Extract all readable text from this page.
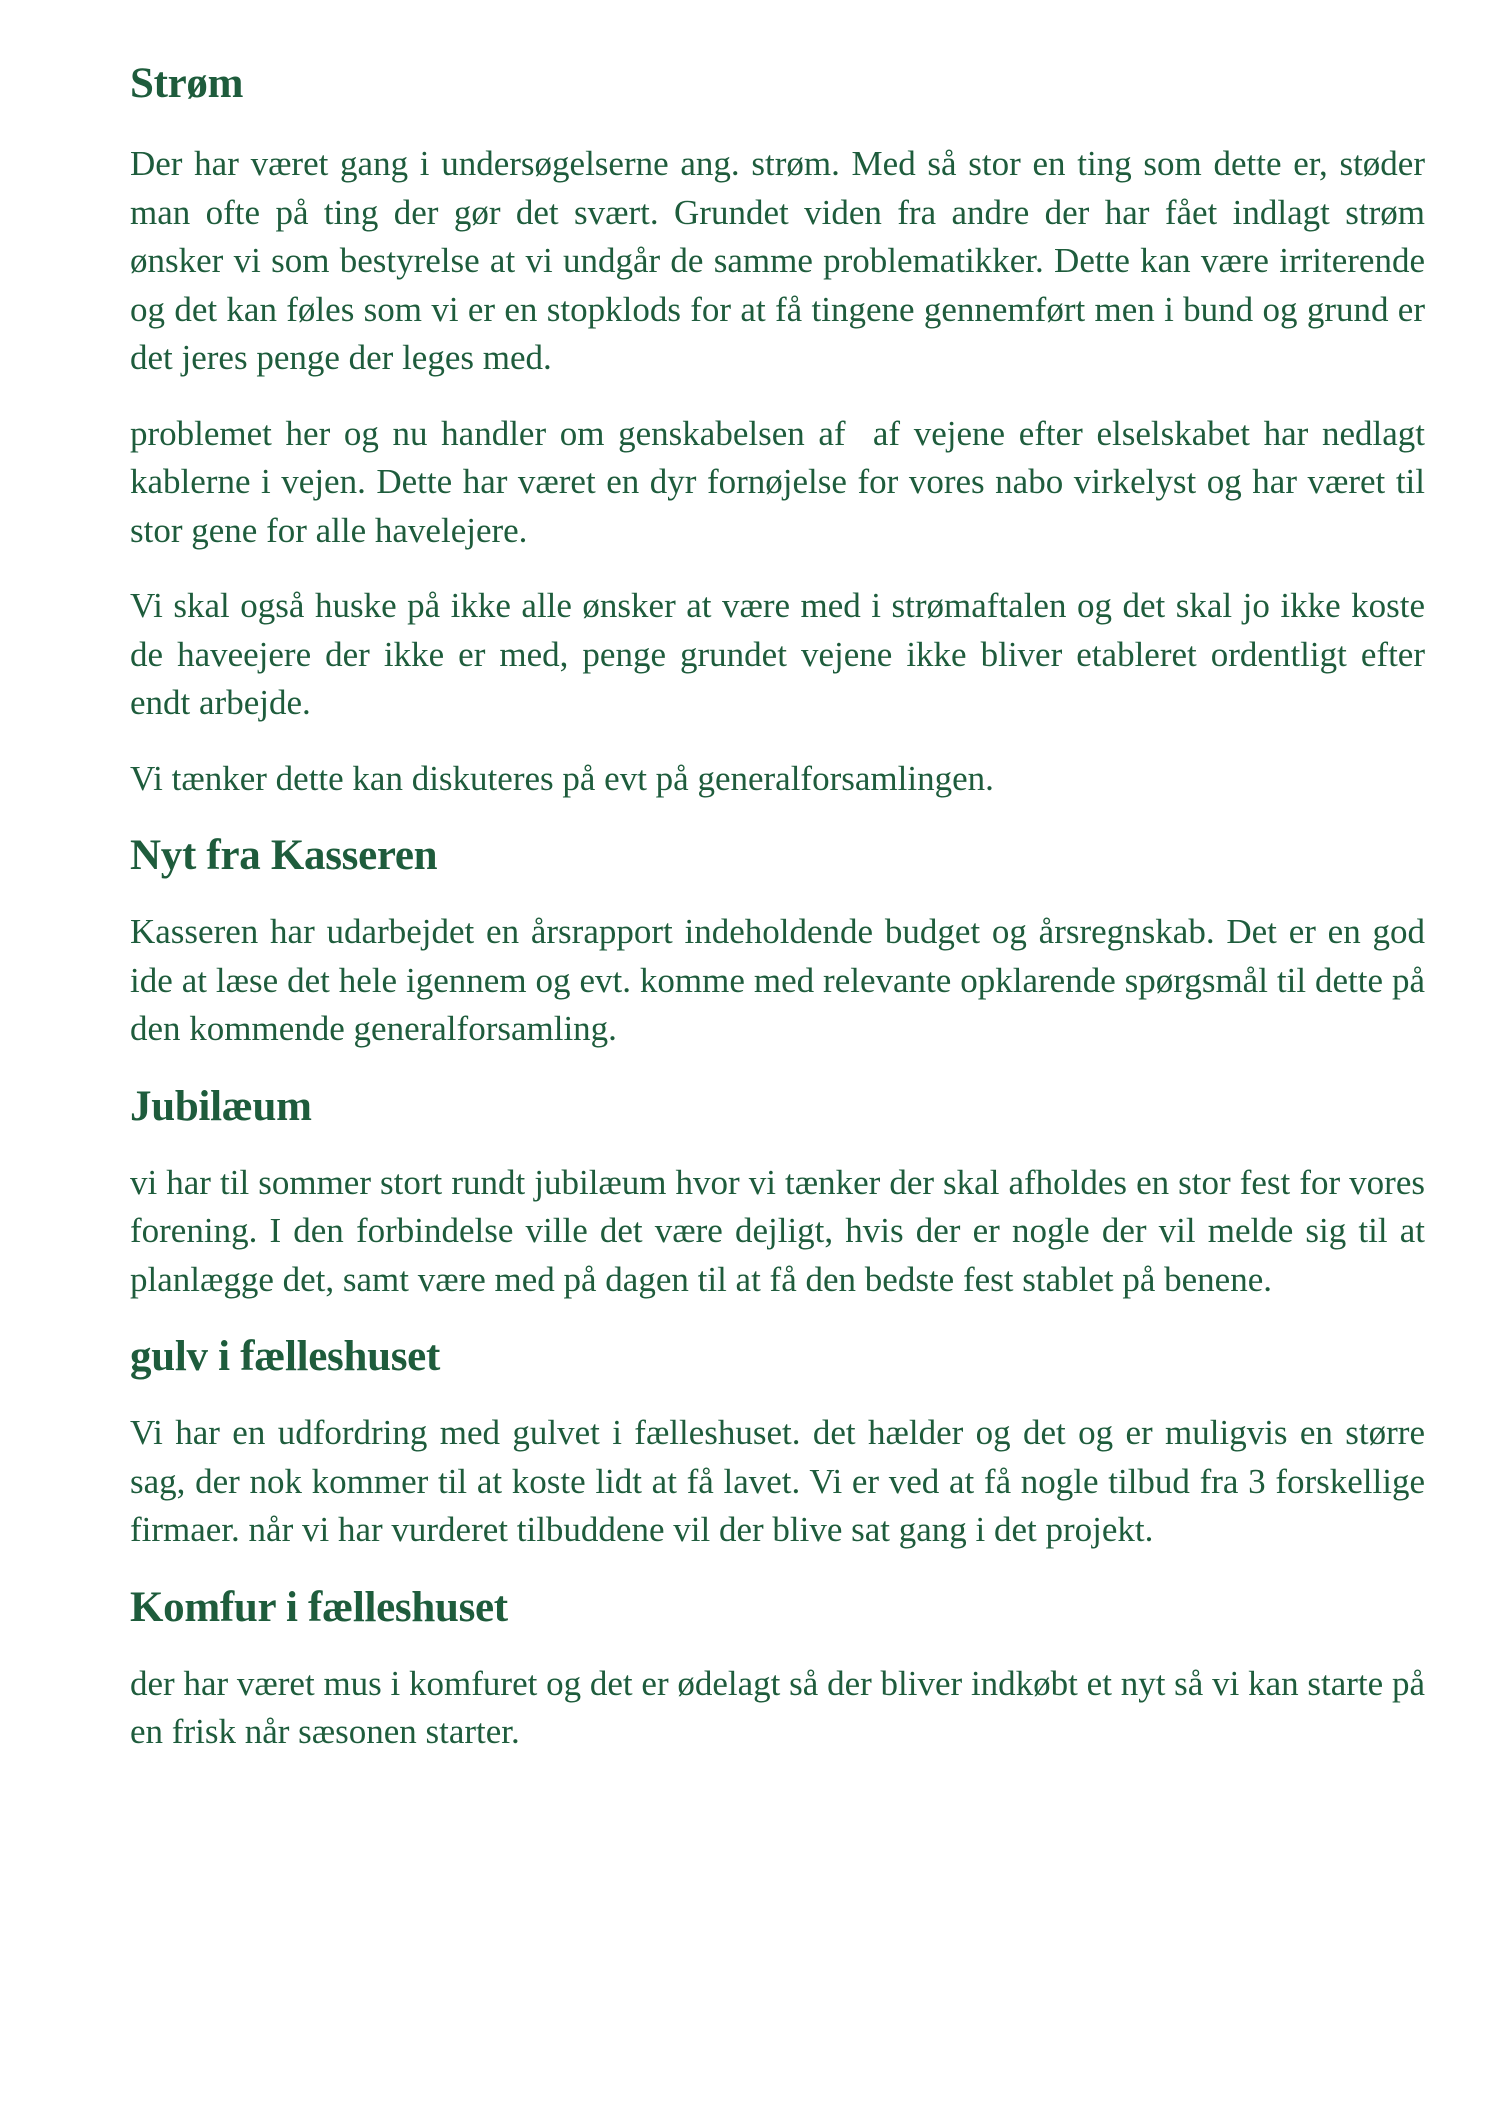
Strøm

Der har været gang i undersøgelserne ang. strøm. Med så stor en ting som dette er, støder man ofte på ting der gør det svært. Grundet viden fra andre der har fået indlagt strøm  ønsker vi som bestyrelse at vi undgår de samme problematikker. Dette kan være irriterende og det kan føles som vi er en stopklods for at få tingene gennemført men i bund og grund er det jeres penge der leges med.

problemet her og nu handler om genskabelsen af  af vejene efter elselskabet har nedlagt kablerne i vejen. Dette har været en dyr fornøjelse for vores nabo virkelyst og har været til stor gene for alle havelejere.

Vi skal også huske på ikke alle ønsker at være med i strømaftalen og det skal jo ikke koste de haveejere der ikke er med, penge grundet vejene ikke bliver etableret ordentligt efter endt arbejde.

Vi tænker dette kan diskuteres på evt på generalforsamlingen.

Nyt fra Kasseren

Kasseren har udarbejdet en årsrapport indeholdende budget og årsregnskab. Det er en god ide at læse det hele igennem og evt. komme med relevante opklarende spørgsmål til dette på den kommende generalforsamling.

Jubilæum

vi har til sommer stort rundt jubilæum hvor vi tænker der skal afholdes en stor fest for vores forening. I den forbindelse ville det være dejligt, hvis der er nogle der vil melde sig til at planlægge det, samt være med på dagen til at få den bedste fest stablet på benene.

gulv i fælleshuset

Vi har en udfordring med gulvet i fælleshuset. det hælder og det og er muligvis en større sag, der nok kommer til at koste lidt at få lavet. Vi er ved at få nogle tilbud fra 3 forskellige firmaer. når vi har vurderet tilbuddene vil der blive sat gang i det projekt.

Komfur i fælleshuset

der har været mus i komfuret og det er ødelagt så der bliver indkøbt et nyt så vi kan starte på en frisk når sæsonen starter.
